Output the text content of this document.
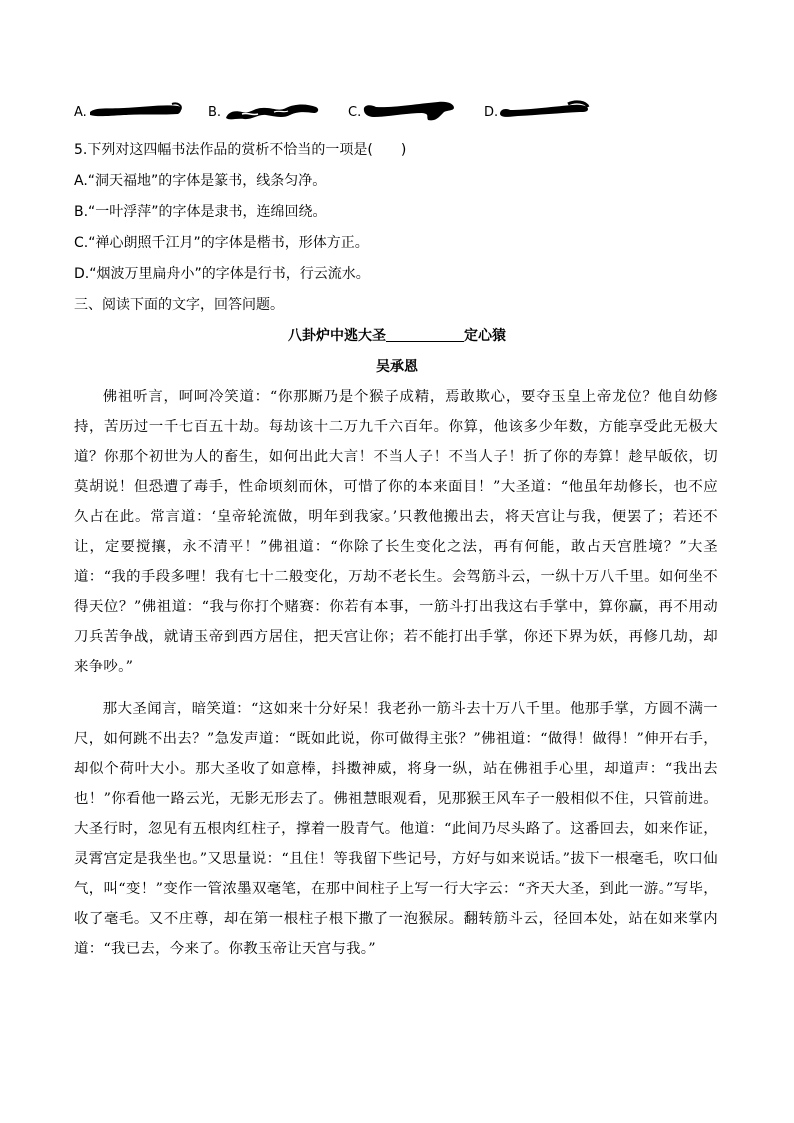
A.	B.	C.	D.
5.下列对这四幅书法作品的赏析不恰当的一项是(　　)
A.“洞天福地”的字体是篆书，线条匀净。
B.“一叶浮萍”的字体是隶书，连绵回绕。
C.“禅心朗照千江月”的字体是楷书，形体方正。
D.“烟波万里扁舟小”的字体是行书，行云流水。
三、阅读下面的文字，回答问题。
八卦炉中逃大圣	定心猿
吴承恩
佛祖听言，呵呵冷笑道：“你那厮乃是个猴子成精，焉敢欺心，要夺玉皇上帝龙位？他自幼修持，苦历过一千七百五十劫。每劫该十二万九千六百年。你算，他该多少年数，方能享受此无极大道？你那个初世为人的畜生，如何出此大言！不当人子！不当人子！折了你的寿算！趁早皈依，切莫胡说！但恐遭了毒手，性命顷刻而休，可惜了你的本来面目！”大圣道：“他虽年劫修长，也不应久占在此。常言道：‘皇帝轮流做，明年到我家。’只教他搬出去，将天宫让与我，便罢了；若还不让，定要搅攘，永不清平！”佛祖道：“你除了长生变化之法，再有何能，敢占天宫胜境？”大圣道：“我的手段多哩！我有七十二般变化，万劫不老长生。会驾筋斗云，一纵十万八千里。如何坐不得天位？”佛祖道：“我与你打个赌赛：你若有本事，一筋斗打出我这右手掌中，算你赢，再不用动刀兵苦争战，就请玉帝到西方居住，把天宫让你；若不能打出手掌，你还下界为妖，再修几劫，却来争吵。”
那大圣闻言，暗笑道：“这如来十分好呆！我老孙一筋斗去十万八千里。他那手掌，方圆不满一尺，如何跳不出去？”急发声道：“既如此说，你可做得主张？”佛祖道：“做得！做得！”伸开右手，却似个荷叶大小。那大圣收了如意棒，抖擞神威，将身一纵，站在佛祖手心里，却道声：“我出去也！”你看他一路云光，无影无形去了。佛祖慧眼观看，见那猴王风车子一般相似不住，只管前进。大圣行时，忽见有五根肉红柱子，撑着一股青气。他道：“此间乃尽头路了。这番回去，如来作证，灵霄宫定是我坐也。”又思量说：“且住！等我留下些记号，方好与如来说话。”拔下一根毫毛，吹口仙气，叫“变！”变作一管浓墨双毫笔，在那中间柱子上写一行大字云：“齐天大圣，到此一游。”写毕，收了毫毛。又不庄尊，却在第一根柱子根下撒了一泡猴尿。翻转筋斗云，径回本处，站在如来掌内道：“我已去，今来了。你教玉帝让天宫与我。”
